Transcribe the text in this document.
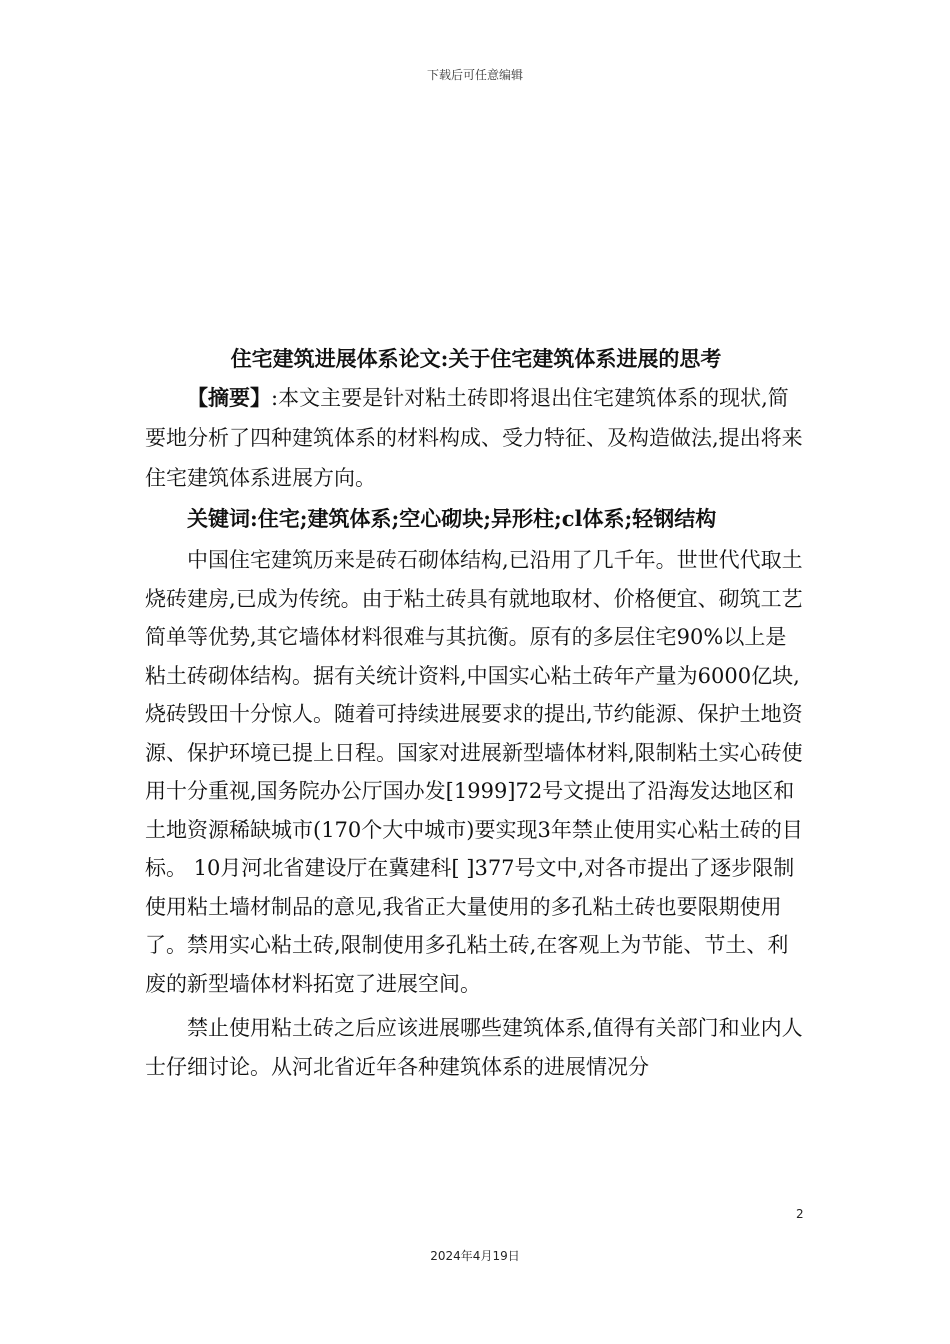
下载后可任意编辑
住宅建筑进展体系论文:关于住宅建筑体系进展的思考

【摘要】:本文主要是针对粘土砖即将退出住宅建筑体系的现状,简要地分析了四种建筑体系的材料构成、受力特征、及构造做法,提出将来住宅建筑体系进展方向。

关键词:住宅;建筑体系;空心砌块;异形柱;cl体系;轻钢结构

中国住宅建筑历来是砖石砌体结构,已沿用了几千年。世世代代取土烧砖建房,已成为传统。由于粘土砖具有就地取材、价格便宜、砌筑工艺简单等优势,其它墙体材料很难与其抗衡。原有的多层住宅90%以上是粘土砖砌体结构。据有关统计资料,中国实心粘土砖年产量为6000亿块,烧砖毁田十分惊人。随着可持续进展要求的提出,节约能源、保护土地资源、保护环境已提上日程。国家对进展新型墙体材料,限制粘土实心砖使用十分重视,国务院办公厅国办发[1999]72号文提出了沿海发达地区和土地资源稀缺城市(170个大中城市)要实现3年禁止使用实心粘土砖的目标。 10月河北省建设厅在冀建科[ ]377号文中,对各市提出了逐步限制使用粘土墙材制品的意见,我省正大量使用的多孔粘土砖也要限期使用了。禁用实心粘土砖,限制使用多孔粘土砖,在客观上为节能、节土、利废的新型墙体材料拓宽了进展空间。

禁止使用粘土砖之后应该进展哪些建筑体系,值得有关部门和业内人士仔细讨论。从河北省近年各种建筑体系的进展情况分

2
2024年4月19日
